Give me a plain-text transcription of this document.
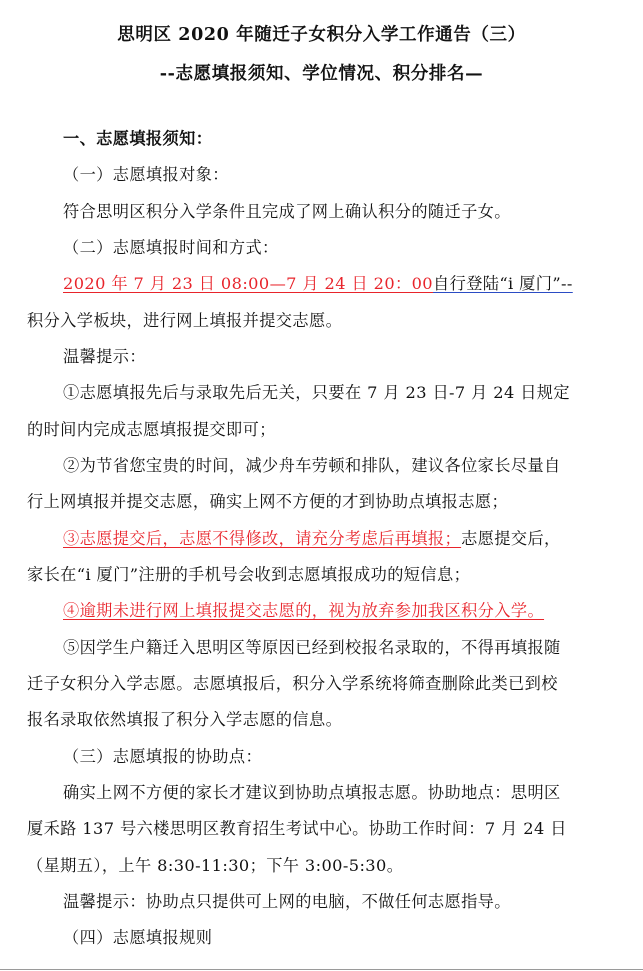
思明区 2020 年随迁子女积分入学工作通告（三）
--志愿填报须知、学位情况、积分排名—
一、志愿填报须知：
（一）志愿填报对象：
符合思明区积分入学条件且完成了网上确认积分的随迁子女。
（二）志愿填报时间和方式：
2020 年 7 月 23 日 08:00—7 月 24 日 20：00自行登陆“i 厦门”--
积分入学板块，进行网上填报并提交志愿。
温馨提示：
①志愿填报先后与录取先后无关，只要在 7 月 23 日-7 月 24 日规定
的时间内完成志愿填报提交即可；
②为节省您宝贵的时间，减少舟车劳顿和排队，建议各位家长尽量自
行上网填报并提交志愿，确实上网不方便的才到协助点填报志愿；
③志愿提交后，志愿不得修改，请充分考虑后再填报；志愿提交后，
家长在“i 厦门”注册的手机号会收到志愿填报成功的短信息；
④逾期未进行网上填报提交志愿的，视为放弃参加我区积分入学。
⑤因学生户籍迁入思明区等原因已经到校报名录取的，不得再填报随
迁子女积分入学志愿。志愿填报后，积分入学系统将筛查删除此类已到校
报名录取依然填报了积分入学志愿的信息。
（三）志愿填报的协助点：
确实上网不方便的家长才建议到协助点填报志愿。协助地点：思明区
厦禾路 137 号六楼思明区教育招生考试中心。协助工作时间：7 月 24 日
（星期五），上午 8:30-11:30；下午 3:00-5:30。
温馨提示：协助点只提供可上网的电脑，不做任何志愿指导。
（四）志愿填报规则
